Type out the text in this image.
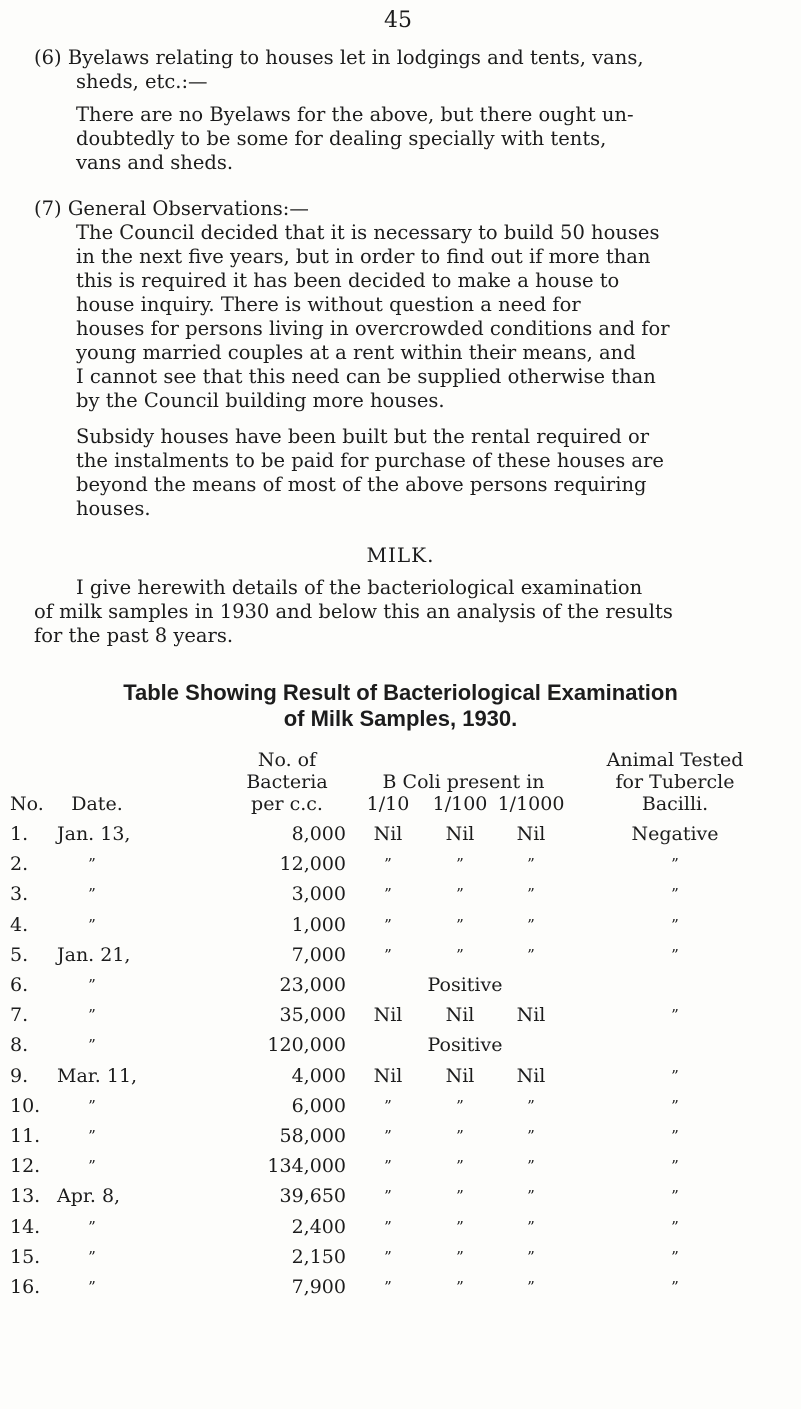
45

(6) Byelaws relating to houses let in lodgings and tents, vans,

sheds, etc.:—

There are no Byelaws for the above, but there ought un-

doubtedly to be some for dealing specially with tents,

vans and sheds.

(7) General Observations:—

The Council decided that it is necessary to build 50 houses

in the next five years, but in order to find out if more than

this is required it has been decided to make a house to

house inquiry. There is without question a need for

houses for persons living in overcrowded conditions and for

young married couples at a rent within their means, and

I cannot see that this need can be supplied otherwise than

by the Council building more houses.

Subsidy houses have been built but the rental required or

the instalments to be paid for purchase of these houses are

beyond the means of most of the above persons requiring

houses.

MILK.

I give herewith details of the bacteriological examination

of milk samples in 1930 and below this an analysis of the results

for the past 8 years.

Table Showing Result of Bacteriological Examination
of Milk Samples, 1930.
No. of
Bacteria
per c.c.
B Coli present in
1/10	1/100 1/1000
Animal Tested
for Tubercle
Bacilli.
No.	Date.
1.	Jan. 13,	8,000	Nil	Nil	Nil	Negative
2.	”	12,000	”	”	”	”
3.	”	3,000	”	”	”	”
4.	”	1,000	”	”	”	”
5.	Jan. 21,	7,000	”	”	”	”
6.	”	23,000	Positive
7.	”	35,000	Nil	Nil	Nil	”
8.	”	120,000	Positive
9.	Mar. 11,	4,000	Nil	Nil	Nil	”
10.	”	6,000	”	”	”	”
11.	”	58,000	”	”	”	”
12.	”	134,000	”	”	”	”
13. Apr. 8,	39,650	”	”	”	”
14.	”	2,400	”	”	”	”
15.	”	2,150	”	”	”	”
16.	”	7,900	”	”	”	”
